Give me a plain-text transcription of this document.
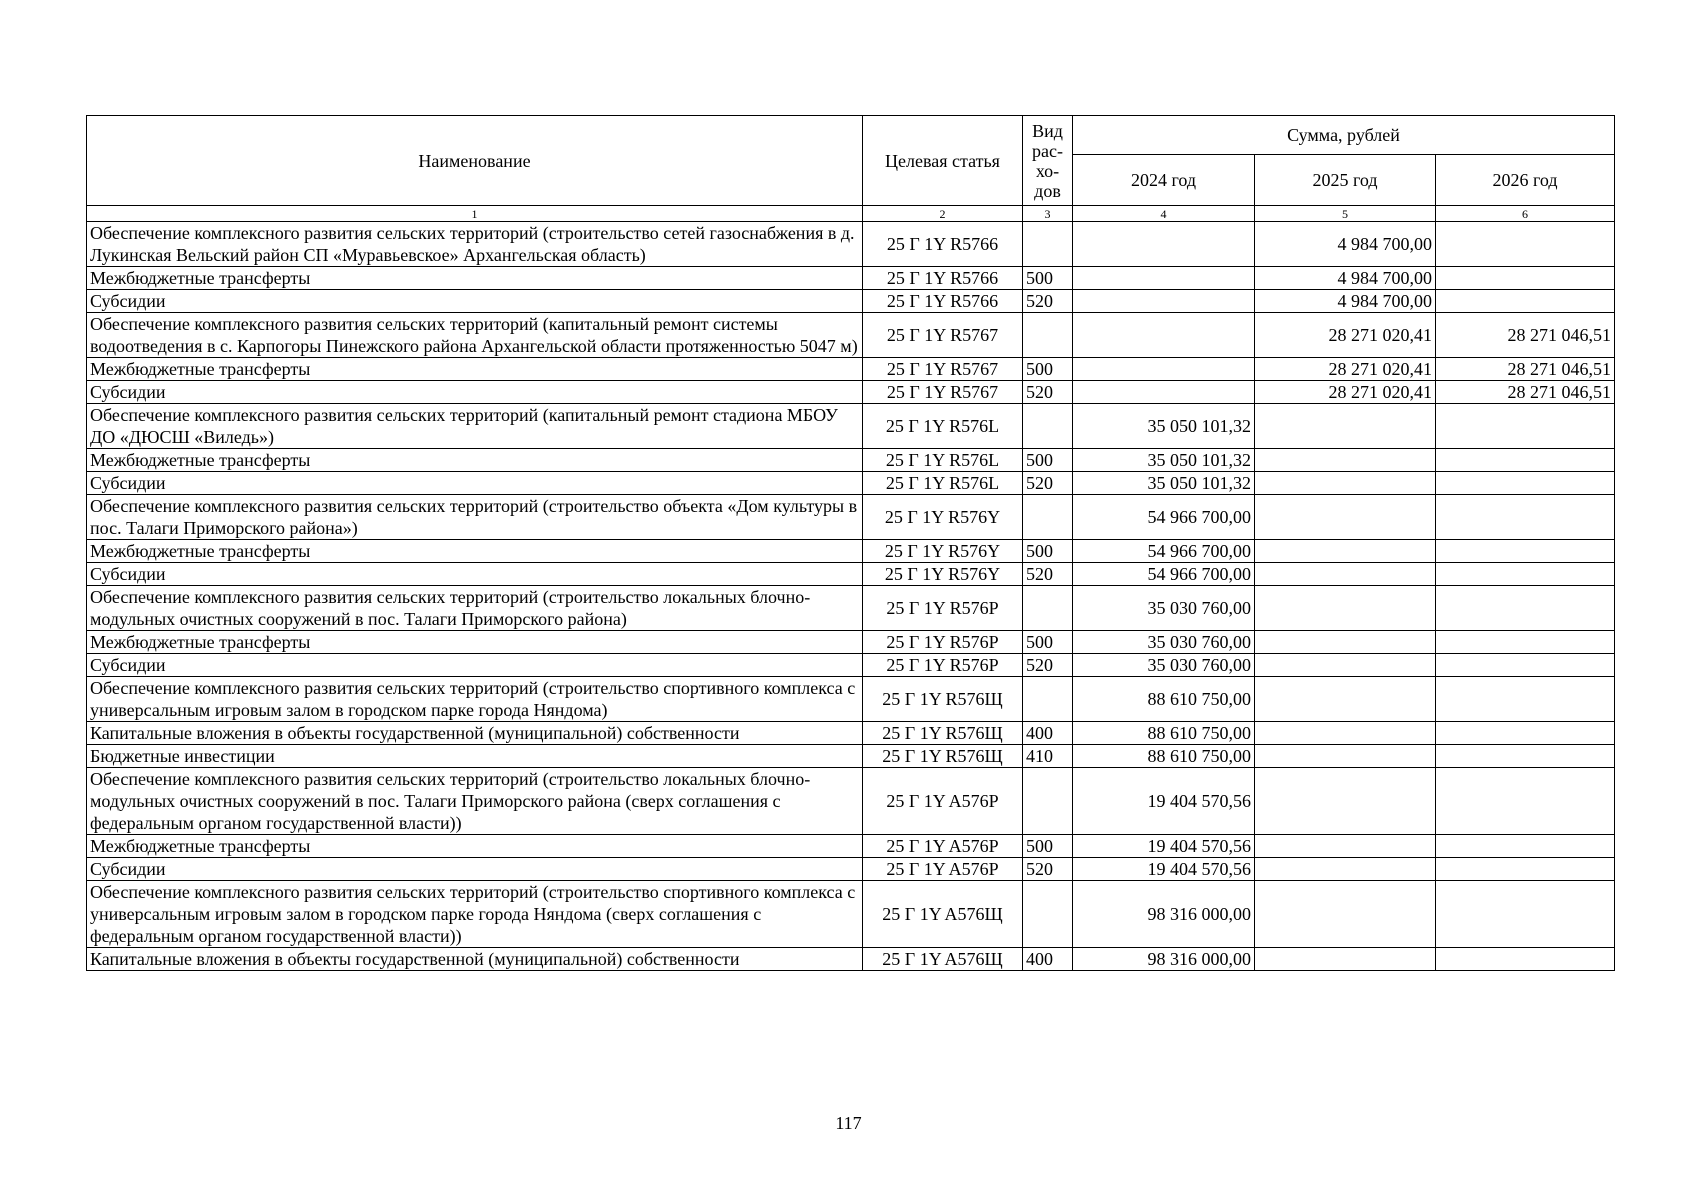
Наименование	Целевая статья	Вид
рас-
хо-
дов	Сумма, рублей		
			2024 год	2025 год	2026 год
1	2	3	4	5	6
Обеспечение комплексного развития сельских территорий (строительство сетей газоснабжения в д. Лукинская Вельский район СП «Муравьевское» Архангельская область)	25 Г 1Y R5766			4 984 700,00	
Межбюджетные трансферты	25 Г 1Y R5766	500		4 984 700,00	
Субсидии	25 Г 1Y R5766	520		4 984 700,00	
Обеспечение комплексного развития сельских территорий (капитальный ремонт системы водоотведения в с. Карпогоры Пинежского района Архангельской области протяженностью 5047 м)	25 Г 1Y R5767			28 271 020,41	28 271 046,51
Межбюджетные трансферты	25 Г 1Y R5767	500		28 271 020,41	28 271 046,51
Субсидии	25 Г 1Y R5767	520		28 271 020,41	28 271 046,51
Обеспечение комплексного развития сельских территорий (капитальный ремонт стадиона МБОУ ДО «ДЮСШ «Виледь»)	25 Г 1Y R576L		35 050 101,32		
Межбюджетные трансферты	25 Г 1Y R576L	500	35 050 101,32		
Субсидии	25 Г 1Y R576L	520	35 050 101,32		
Обеспечение комплексного развития сельских территорий (строительство объекта «Дом культуры в пос. Талаги Приморского района»)	25 Г 1Y R576Y		54 966 700,00		
Межбюджетные трансферты	25 Г 1Y R576Y	500	54 966 700,00		
Субсидии	25 Г 1Y R576Y	520	54 966 700,00		
Обеспечение комплексного развития сельских территорий (строительство локальных блочно-модульных очистных сооружений в пос. Талаги Приморского района)	25 Г 1Y R576P		35 030 760,00		
Межбюджетные трансферты	25 Г 1Y R576P	500	35 030 760,00		
Субсидии	25 Г 1Y R576P	520	35 030 760,00		
Обеспечение комплексного развития сельских территорий (строительство спортивного комплекса с универсальным игровым залом в городском парке города Няндома)	25 Г 1Y R576Щ		88 610 750,00		
Капитальные вложения в объекты государственной (муниципальной) собственности	25 Г 1Y R576Щ	400	88 610 750,00		
Бюджетные инвестиции	25 Г 1Y R576Щ	410	88 610 750,00		
Обеспечение комплексного развития сельских территорий (строительство локальных блочно-модульных очистных сооружений в пос. Талаги Приморского района (сверх соглашения с федеральным органом государственной власти))	25 Г 1Y A576P		19 404 570,56		
Межбюджетные трансферты	25 Г 1Y A576P	500	19 404 570,56		
Субсидии	25 Г 1Y A576P	520	19 404 570,56		
Обеспечение комплексного развития сельских территорий (строительство спортивного комплекса с универсальным игровым залом в городском парке города Няндома (сверх соглашения с федеральным органом государственной власти))	25 Г 1Y A576Щ		98 316 000,00		
Капитальные вложения в объекты государственной (муниципальной) собственности	25 Г 1Y A576Щ	400	98 316 000,00		
117
